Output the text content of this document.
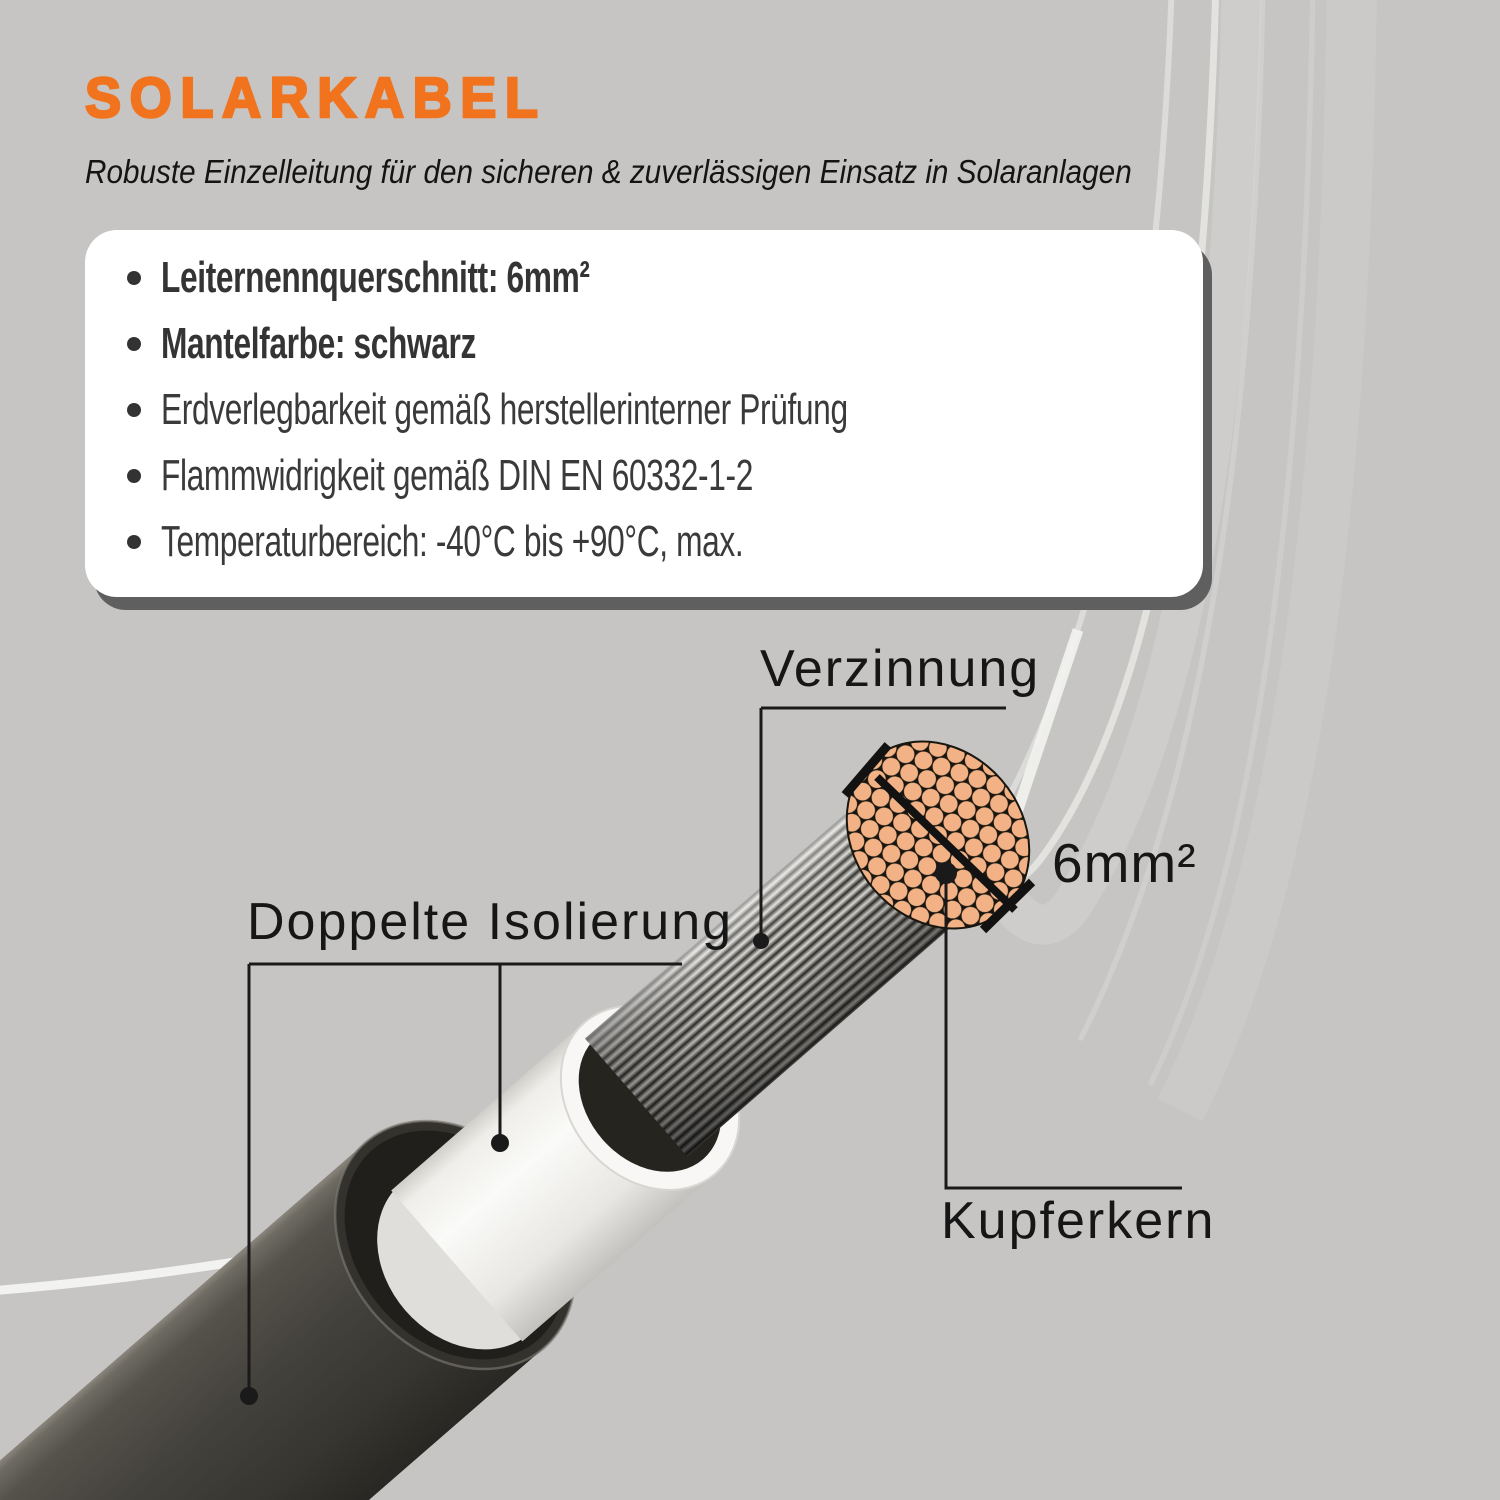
SOLARKABEL
Robuste Einzelleitung für den sicheren & zuverlässigen Einsatz in Solaranlagen
Leiternennquerschnitt: 6mm²
Mantelfarbe: schwarz
Erdverlegbarkeit gemäß herstellerinterner Prüfung
Flammwidrigkeit gemäß DIN EN 60332-1-2
Temperaturbereich: -40°C bis +90°C, max.
Verzinnung
6mm²
Doppelte Isolierung
Kupferkern
